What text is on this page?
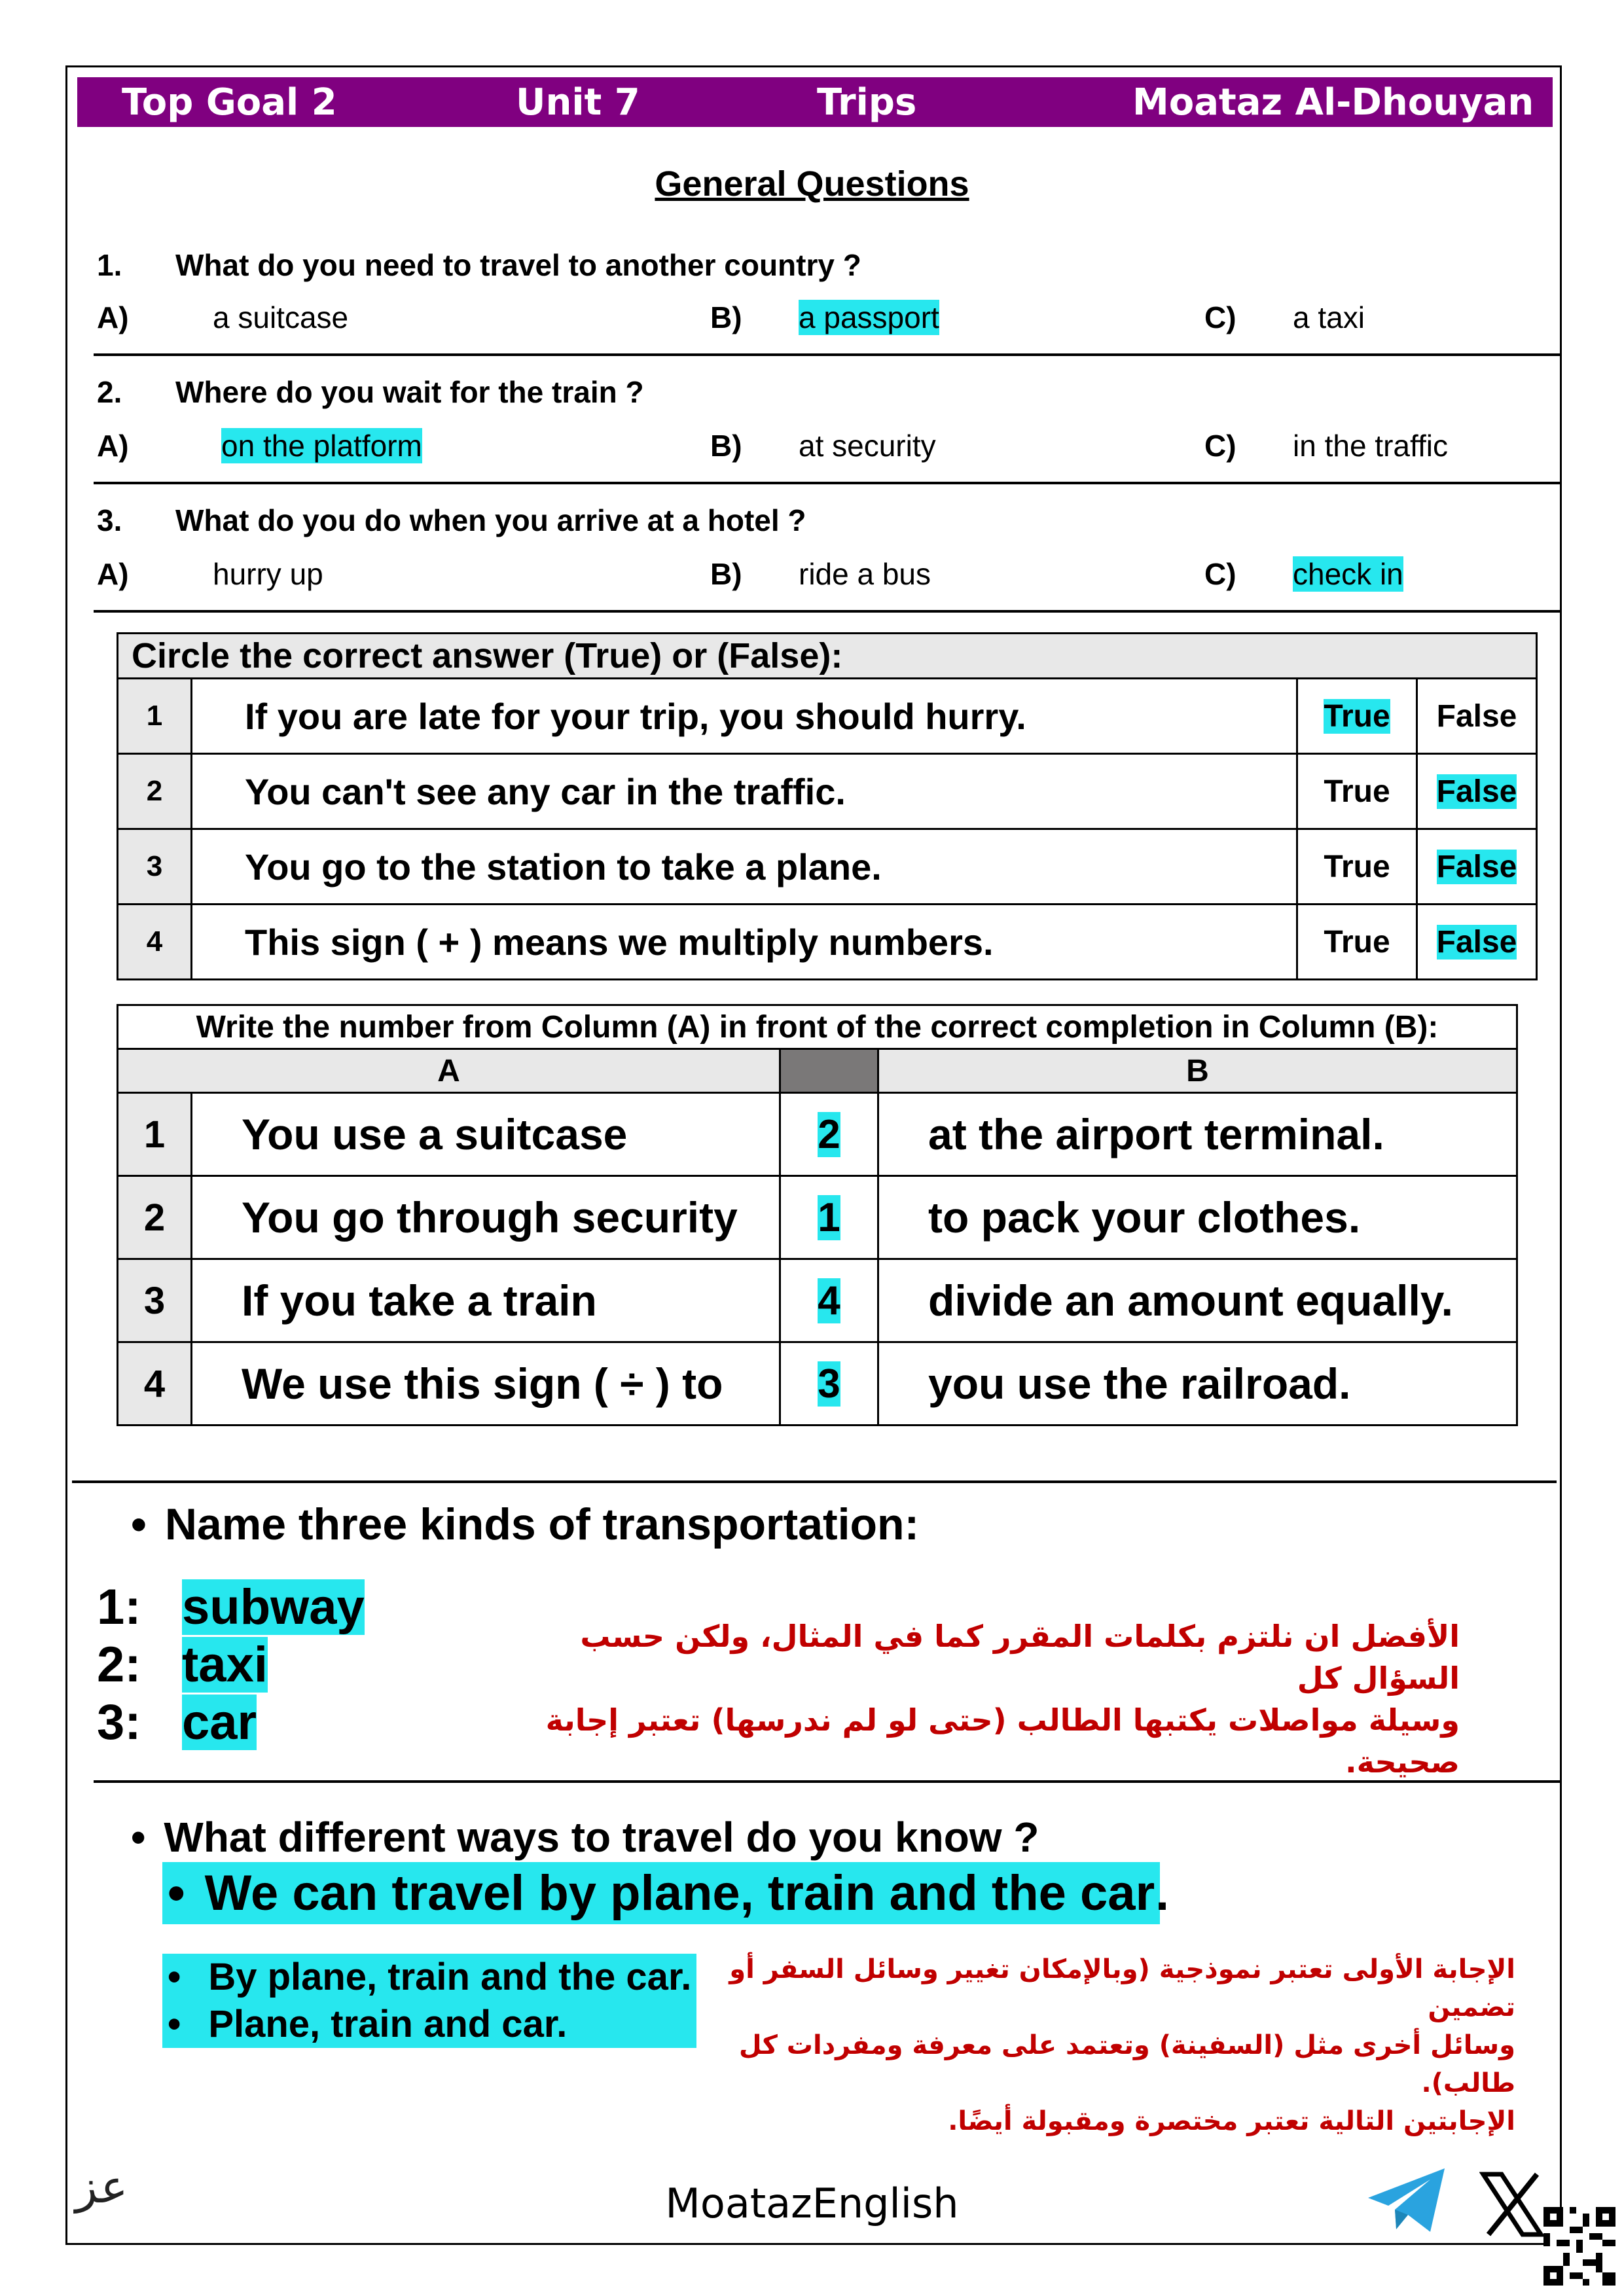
Top Goal 2	Unit 7	Trips	Moataz Al-Dhouyan
General Questions
1. What do you need to travel to another country ?
A)	a suitcase	B) a passport	C) a taxi
2. Where do you wait for the train ?
A)	on the platform	B) at security	C) in the traffic
3. What do you do when you arrive at a hotel ?
A)	hurry up	B) ride a bus	C) check in
Circle the correct answer (True) or (False):			
1	If you are late for your trip, you should hurry.	True	False
2	You can't see any car in the traffic.	True	False
3	You go to the station to take a plane.	True	False
4	This sign ( + ) means we multiply numbers.	True	False
Write the number from Column (A) in front of the correct completion in Column (B):			
A			B
1	You use a suitcase	2	at the airport terminal.
2	You go through security	1	to pack your clothes.
3	If you take a train	4	divide an amount equally.
4	We use this sign ( ÷ ) to	3	you use the railroad.
• Name three kinds of transportation:
1: subway
2: taxi
3: car
الأفضل ان نلتزم بكلمات المقرر كما في المثال، ولكن حسب السؤال كل
وسيلة مواصلات يكتبها الطالب (حتى لو لم ندرسها) تعتبر إجابة صحيحة.
• What different ways to travel do you know ?
• We can travel by plane, train and the car .
• By plane, train and the car.
• Plane, train and car.
الإجابة الأولى تعتبر نموذجية (وبالإمكان تغيير وسائل السفر أو تضمين
وسائل أخرى مثل (السفينة) وتعتمد على معرفة ومفردات كل طالب).
الإجابتين التالية تعتبر مختصرة ومقبولة أيضًا.
عز	MoatazEnglish
